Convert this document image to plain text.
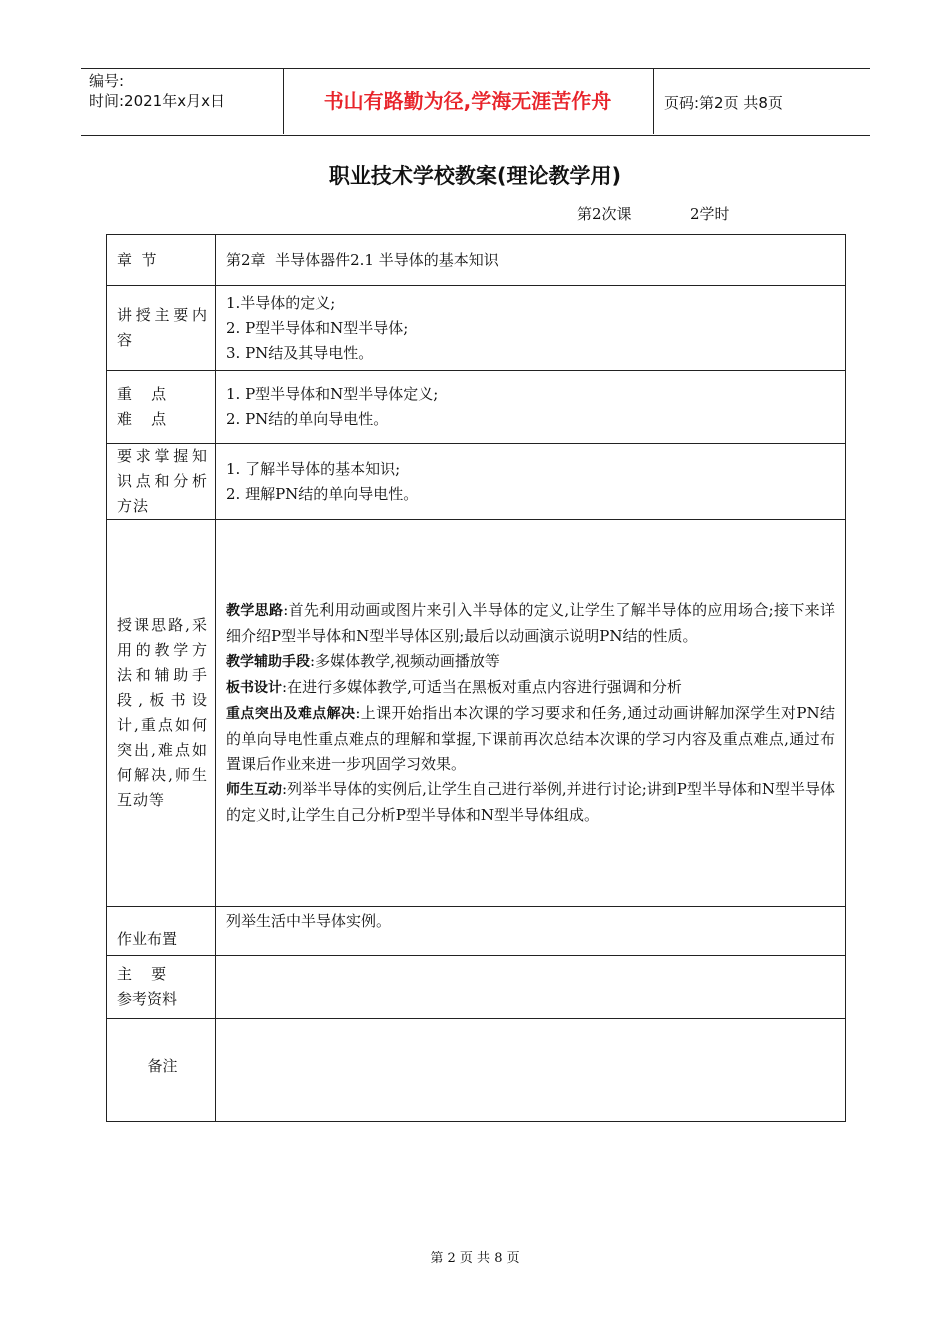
编号:
时间:2021年x月x日	书山有路勤为径,学海无涯苦作舟	页码:第2页 共8页
职业技术学校教案(理论教学用)
第2次课	2学时
章  节	第2章  半导体器件2.1 半导体的基本知识
讲授主要内容	1.半导体的定义;
2. P型半导体和N型半导体;
3. PN结及其导电性。

重    点
难    点	1. P型半导体和N型半导体定义;
2. PN结的单向导电性。

要求掌握知识点和分析方法	1. 了解半导体的基本知识;
2. 理解PN结的单向导电性。

授课思路,采用的教学方法和辅助手段,板书设计,重点如何突出,难点如何解决,师生互动等	教学思路:首先利用动画或图片来引入半导体的定义,让学生了解半导体的应用场合;接下来详细介绍P型半导体和N型半导体区别;最后以动画演示说明PN结的性质。
教学辅助手段:多媒体教学,视频动画播放等
板书设计:在进行多媒体教学,可适当在黑板对重点内容进行强调和分析
重点突出及难点解决:上课开始指出本次课的学习要求和任务,通过动画讲解加深学生对PN结的单向导电性重点难点的理解和掌握,下课前再次总结本次课的学习内容及重点难点,通过布置课后作业来进一步巩固学习效果。
师生互动:列举半导体的实例后,让学生自己进行举例,并进行讨论;讲到P型半导体和N型半导体的定义时,让学生自己分析P型半导体和N型半导体组成。

作业布置	列举生活中半导体实例。

主    要
参考资料	

备注	
第 2 页 共 8 页
